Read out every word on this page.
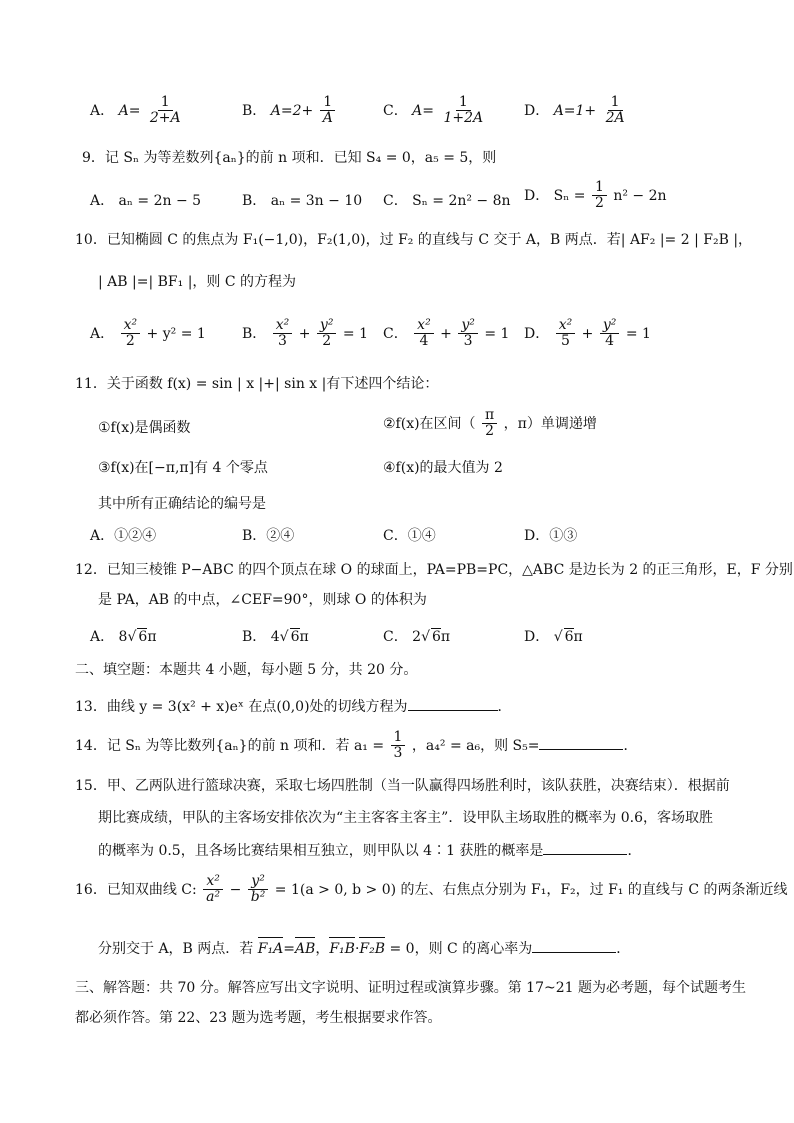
A． $A= \frac{1}{2+A}$	B． $A=2+ \frac{1}{A}$	C． $A= \frac{1}{1+2A}$	D． $A=1+ \frac{1}{2A}$
9．记 Sₙ 为等差数列{aₙ}的前 n 项和．已知 S₄ = 0，a₅ = 5，则
A． aₙ = 2n − 5	B． aₙ = 3n − 10 C． Sₙ = 2n² − 8n D． $S_n = \frac{1}{2} n^2 - 2n$
10．已知椭圆 C 的焦点为 F₁(−1,0)，F₂(1,0)，过 F₂ 的直线与 C 交于 A，B 两点．若| AF₂ |= 2 | F₂B |，
| AB |=| BF₁ |，则 C 的方程为
A． $\frac{\text{x²}}{2} + y^2 = 1$	B． $\frac{\text{x²}}{3} + \frac{\text{y²}}{2} = 1$ C． $\frac{\text{x²}}{4} + \frac{\text{y²}}{3} = 1$ D． $\frac{\text{x²}}{5} + \frac{\text{y²}}{4} = 1$
11．关于函数 f(x) = sin | x |+| sin x |有下述四个结论：
①f(x)是偶函数	②f(x)在区间（ $\frac{\pi}{2}$ ，π）单调递增
③f(x)在[−π,π]有 4 个零点	④f(x)的最大值为 2
其中所有正确结论的编号是
A．①②④	B．②④	C．①④	D．①③
12．已知三棱锥 P−ABC 的四个顶点在球 O 的球面上，PA=PB=PC，△ABC 是边长为 2 的正三角形，E，F 分别
是 PA，AB 的中点，∠CEF=90°，则球 O 的体积为
A． 8√ 6π	B． 4√ 6π	C． 2√ 6π	D． √ 6π
二、填空题：本题共 4 小题，每小题 5 分，共 20 分。
13．曲线 y = 3(x² + x)eˣ 在点(0,0)处的切线方程为	．
14．记 Sₙ 为等比数列{aₙ}的前 n 项和．若 $a_1 = \frac{1}{3}$ ，a₄² = a₆，则 S₅=	．
15．甲、乙两队进行篮球决赛，采取七场四胜制（当一队赢得四场胜利时，该队获胜，决赛结束）．根据前
期比赛成绩，甲队的主客场安排依次为“主主客客主客主”．设甲队主场取胜的概率为 0.6，客场取胜
的概率为 0.5，且各场比赛结果相互独立，则甲队以 4∶1 获胜的概率是	．
16．已知双曲线 C: $\frac{\text{x²}}{\text{a²}} - \frac{\text{y²}}{\text{b²}} = 1(a > 0$, b > 0) 的左、右焦点分别为 F₁，F₂，过 F₁ 的直线与 C 的两条渐近线
分别交于 A，B 两点．若 F₁A=AB，F₁B·F₂B = 0，则 C 的离心率为	．
三、解答题：共 70 分。解答应写出文字说明、证明过程或演算步骤。第 17~21 题为必考题，每个试题考生
都必须作答。第 22、23 题为选考题，考生根据要求作答。
